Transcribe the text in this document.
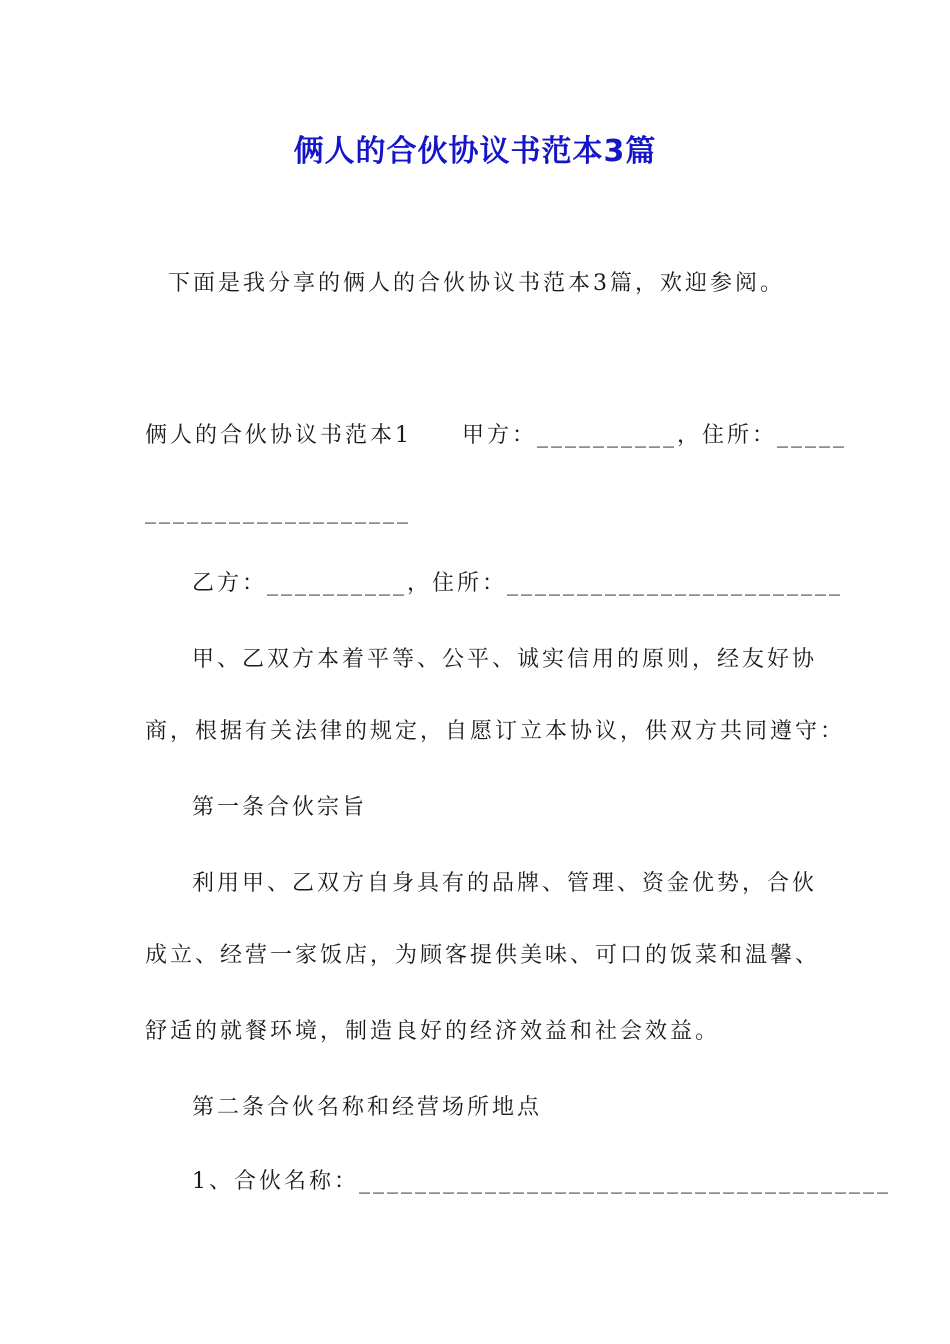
俩人的合伙协议书范本3篇
下面是我分享的俩人的合伙协议书范本3篇，欢迎参阅。
俩人的合伙协议书范本1　　甲方：__________，住所：_____
___________________
乙方：__________，住所：________________________
甲、乙双方本着平等、公平、诚实信用的原则，经友好协
商，根据有关法律的规定，自愿订立本协议，供双方共同遵守：
第一条合伙宗旨
利用甲、乙双方自身具有的品牌、管理、资金优势，合伙
成立、经营一家饭店，为顾客提供美味、可口的饭菜和温馨、
舒适的就餐环境，制造良好的经济效益和社会效益。
第二条合伙名称和经营场所地点
1、合伙名称：______________________________________
